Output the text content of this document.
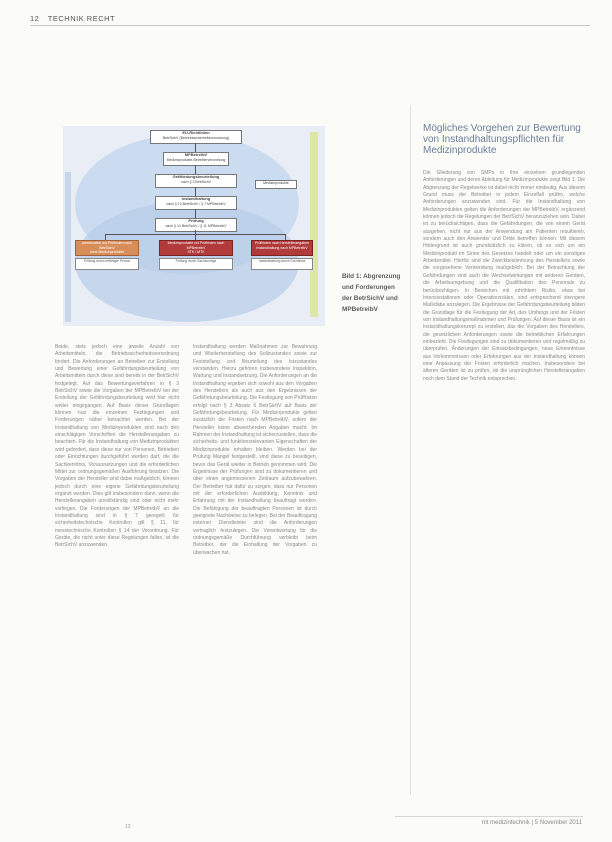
12 TECHNIK RECHT
EU-Richtlinien
BetrSichV (Betriebssicherheitsverordnung)
MPBetreibV
Medizinprodukte-Betreiberverordnung
Medizinprodukte
Gefährdungsbeurteilung
nach § 3 BetrSichV
Instandhaltung
nach § 10 BetrSichV / § 7 MPBetreibV
Prüfung
nach § 14 BetrSichV / § 11 MPBetreibV
Arbeitsmittel mit Prüffristen nach BetrSichV
ohne Medizinprodukte
Medizinprodukte mit Prüffristen nach MPBetreibV
STK / MTK
Prüffristen nach Herstellerangaben
Instandhaltung nach MPBetreibV
Prüfung durch befähigte Person	Prüfung durch Sachkundige	Instandhaltung durch Fachfirma
Bild 1: Abgrenzung und Forderungen der BetrSichV und MPBetreibV

Beide, stets jedoch eine jeweils Anzahl von Arbeitsmitteln, die Betriebssicherheitsverordnung fordert. Die Anforderungen an Betreiber zur Erstellung und Bewertung einer Gefährdungsbeurteilung von Arbeitsmitteln durch diese sind bereits in der BetrSichV festgelegt. Auf das Bewertungsverfahren in § 3 BetrSichV sowie die Vorgaben der MPBetreibV bei der Erstellung der Gefährdungsbeurteilung wird hier nicht weiter eingegangen. Auf Basis dieser Grundlagen können nun die einzelnen Festlegungen und Forderungen näher betrachtet werden. Bei der Instandhaltung von Medizinprodukten sind nach den einschlägigen Vorschriften die Herstellerangaben zu beachten. Für die Instandhaltung von Medizinprodukten wird gefordert, dass diese nur von Personen, Betrieben oder Einrichtungen durchgeführt werden darf, die die Sachkenntnis, Voraussetzungen und die erforderlichen Mittel zur ordnungsgemäßen Ausführung besitzen. Die Vorgaben der Hersteller sind dabei maßgeblich, können jedoch durch eine eigene Gefährdungsbeurteilung ergänzt werden. Dies gilt insbesondere dann, wenn die Herstellerangaben unvollständig sind oder nicht mehr vorliegen. Die Forderungen der MPBetreibV an die Instandhaltung sind in § 7 geregelt; für sicherheitstechnische Kontrollen gilt § 11, für messtechnische Kontrollen § 14 der Verordnung. Für Geräte, die nicht unter diese Regelungen fallen, ist die BetrSichV anzuwenden.

Instandhaltung werden Maßnahmen zur Bewahrung und Wiederherstellung des Sollzustandes sowie zur Feststellung und Beurteilung des Istzustandes verstanden. Hierzu gehören insbesondere Inspektion, Wartung und Instandsetzung. Die Anforderungen an die Instandhaltung ergeben sich sowohl aus den Vorgaben des Herstellers als auch aus den Ergebnissen der Gefährdungsbeurteilung. Die Festlegung von Prüffristen erfolgt nach § 3 Absatz 6 BetrSichV auf Basis der Gefährdungsbeurteilung. Für Medizinprodukte gelten zusätzlich die Fristen nach MPBetreibV, sofern der Hersteller keine abweichenden Angaben macht. Im Rahmen der Instandhaltung ist sicherzustellen, dass die sicherheits- und funktionsrelevanten Eigenschaften der Medizinprodukte erhalten bleiben. Werden bei der Prüfung Mängel festgestellt, sind diese zu beseitigen, bevor das Gerät wieder in Betrieb genommen wird. Die Ergebnisse der Prüfungen sind zu dokumentieren und über einen angemessenen Zeitraum aufzubewahren. Der Betreiber hat dafür zu sorgen, dass nur Personen mit der erforderlichen Ausbildung, Kenntnis und Erfahrung mit der Instandhaltung beauftragt werden. Die Befähigung der beauftragten Personen ist durch geeignete Nachweise zu belegen. Bei der Beauftragung externer Dienstleister sind die Anforderungen vertraglich festzulegen. Die Verantwortung für die ordnungsgemäße Durchführung verbleibt beim Betreiber, der die Einhaltung der Vorgaben zu überwachen hat.

Mögliches Vorgehen zur Bewertung von Instandhaltungspflichten für Medizinprodukte

Die Gliederung von SMPs in ihre einzelnen grundlegenden Anforderungen und deren Ableitung für Medizinprodukte zeigt Bild 1. Die Abgrenzung der Regelwerke ist dabei nicht immer eindeutig. Aus diesem Grund muss der Betreiber in jedem Einzelfall prüfen, welche Anforderungen anzuwenden sind. Für die Instandhaltung von Medizinprodukten gelten die Anforderungen der MPBetreibV, ergänzend können jedoch die Regelungen der BetrSichV heranzuziehen sein. Dabei ist zu berücksichtigen, dass die Gefährdungen, die von einem Gerät ausgehen, nicht nur aus der Anwendung am Patienten resultieren, sondern auch den Anwender und Dritte betreffen können. Mit diesem Hintergrund ist auch grundsätzlich zu klären, ob es sich um ein Medizinprodukt im Sinne des Gesetzes handelt oder um ein sonstiges Arbeitsmittel. Hierfür sind die Zweckbestimmung des Herstellers sowie die vorgesehene Verwendung maßgeblich. Bei der Betrachtung der Gefährdungen sind auch die Wechselwirkungen mit anderen Geräten, die Arbeitsumgebung und die Qualifikation des Personals zu berücksichtigen. In Bereichen mit erhöhtem Risiko, etwa bei Intensivstationen oder Operationssälen, sind entsprechend strengere Maßstäbe anzulegen. Die Ergebnisse der Gefährdungsbeurteilung bilden die Grundlage für die Festlegung der Art, des Umfangs und der Fristen von Instandhaltungsmaßnahmen und Prüfungen. Auf dieser Basis ist ein Instandhaltungskonzept zu erstellen, das die Vorgaben des Herstellers, die gesetzlichen Anforderungen sowie die betrieblichen Erfahrungen einbezieht. Die Festlegungen sind zu dokumentieren und regelmäßig zu überprüfen. Änderungen der Einsatzbedingungen, neue Erkenntnisse aus Vorkommnissen oder Erfahrungen aus der Instandhaltung können eine Anpassung der Fristen erforderlich machen. Insbesondere bei älteren Geräten ist zu prüfen, ob die ursprünglichen Herstellerangaben noch dem Stand der Technik entsprechen.

12
mt medizintechnik | 5 November 2011
